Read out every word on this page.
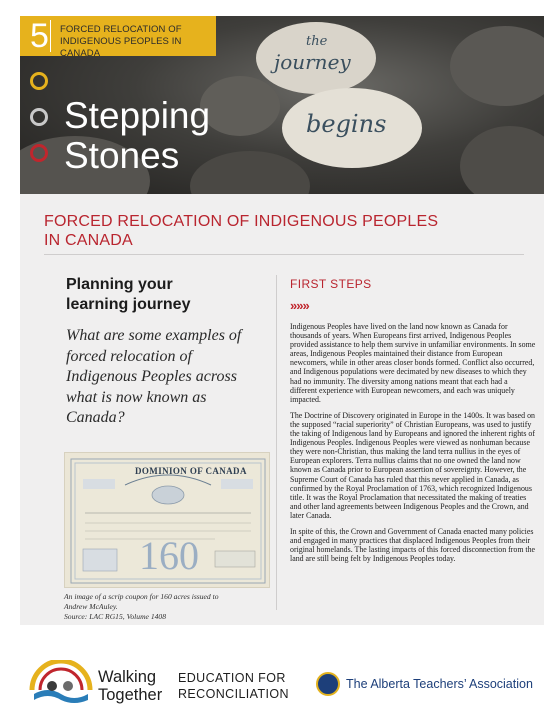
the
journey
begins
5 FORCED RELOCATION OF INDIGENOUS PEOPLES IN CANADA
Stepping
Stones
FORCED RELOCATION OF INDIGENOUS PEOPLES
IN CANADA
Planning your
learning journey
What are some examples of forced relocation of Indigenous Peoples across what is now known as Canada?
DOMINION OF CANADA
160
An image of a scrip coupon for 160 acres issued to
Andrew McAuley.
Source: LAC RG15, Volume 1408
FIRST STEPS
»»»

Indigenous Peoples have lived on the land now known as Canada for thousands of years. When Europeans first arrived, Indigenous Peoples provided assistance to help them survive in unfamiliar environments. In some areas, Indigenous Peoples maintained their distance from European newcomers, while in other areas closer bonds formed. Conflict also occurred, and Indigenous populations were decimated by new diseases to which they had no immunity. The diversity among nations meant that each had a different experience with European newcomers, and each was uniquely impacted.

The Doctrine of Discovery originated in Europe in the 1400s. It was based on the supposed “racial superiority” of Christian Europeans, was used to justify the taking of Indigenous land by Europeans and ignored the inherent rights of Indigenous Peoples. Indigenous Peoples were viewed as nonhuman because they were non-Christian, thus making the land terra nullius in the eyes of European explorers. Terra nullius claims that no one owned the land now known as Canada prior to European assertion of sovereignty. However, the Supreme Court of Canada has ruled that this never applied in Canada, as confirmed by the Royal Proclamation of 1763, which recognized Indigenous title. It was the Royal Proclamation that necessitated the making of treaties and other land agreements between Indigenous Peoples and the Crown, and later Canada.

In spite of this, the Crown and Government of Canada enacted many policies and engaged in many practices that displaced Indigenous Peoples from their original homelands. The lasting impacts of this forced disconnection from the land are still being felt by Indigenous Peoples today.

Walking
Together
EDUCATION FOR
RECONCILIATION
The Alberta Teachers’ Association
